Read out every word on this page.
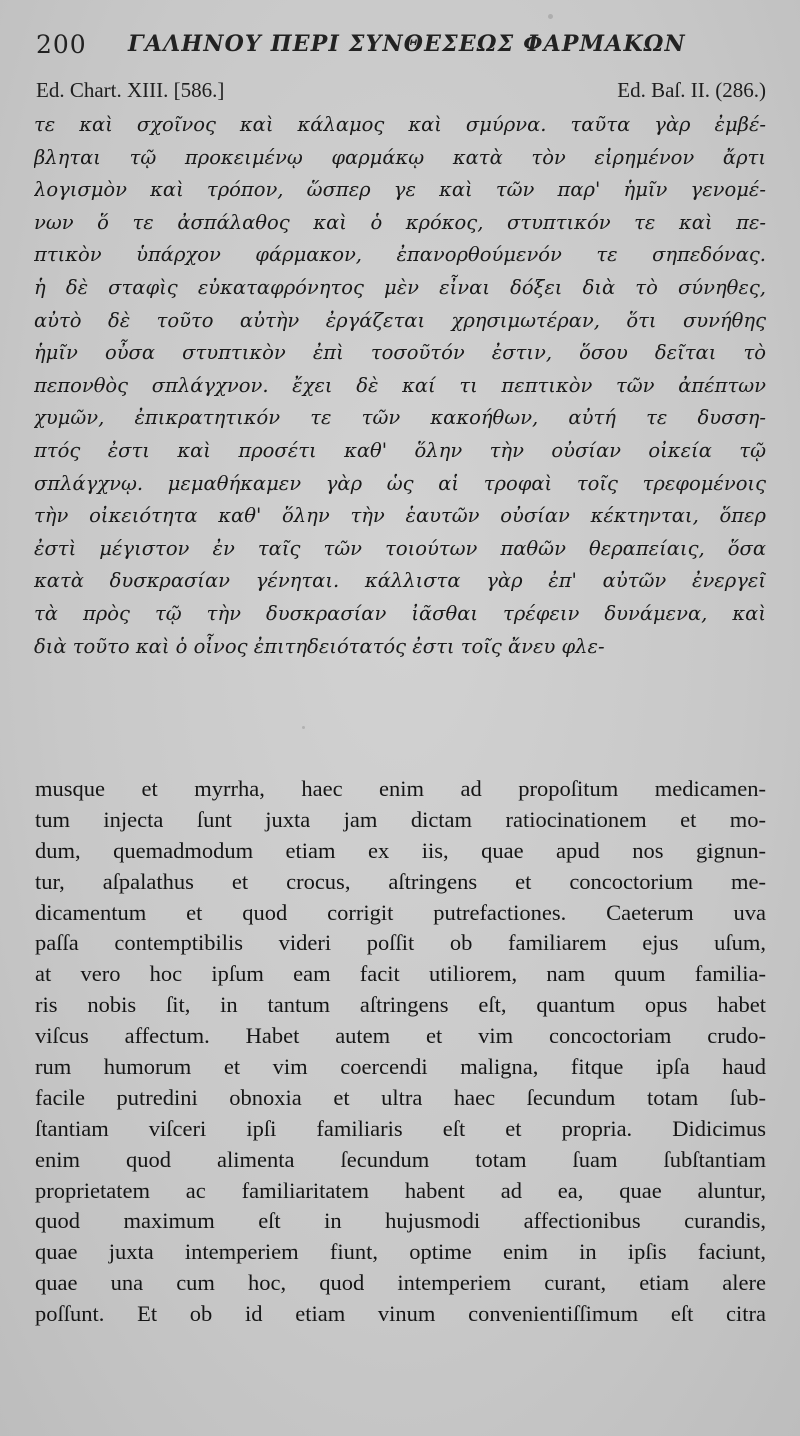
200 ΓΑΛΗΝΟΥ ΠΕΡΙ ΣΥΝΘΕΣΕΩΣ ΦΑΡΜΑΚΩΝ
Ed. Chart. XIII. [586.]	Ed. Baſ. II. (286.)
τε καὶ σχοῖνος καὶ κάλαμος καὶ σμύρνα. ταῦτα γὰρ ἐμβέ-
βληται τῷ προκειμένῳ φαρμάκῳ κατὰ τὸν εἰρημένον ἄρτι
λογισμὸν καὶ τρόπον, ὥσπερ γε καὶ τῶν παρ' ἡμῖν γενομέ-
νων ὅ τε ἀσπάλαθος καὶ ὁ κρόκος, στυπτικόν τε καὶ πε-
πτικὸν ὑπάρχον φάρμακον, ἐπανορθούμενόν τε σηπεδόνας.
ἡ δὲ σταφὶς εὐκαταφρόνητος μὲν εἶναι δόξει διὰ τὸ σύνηθες,
αὐτὸ δὲ τοῦτο αὐτὴν ἐργάζεται χρησιμωτέραν, ὅτι συνήθης
ἡμῖν οὖσα στυπτικὸν ἐπὶ τοσοῦτόν ἐστιν, ὅσου δεῖται τὸ
πεπονθὸς σπλάγχνον. ἔχει δὲ καί τι πεπτικὸν τῶν ἀπέπτων
χυμῶν, ἐπικρατητικόν τε τῶν κακοήθων, αὐτή τε δυσση-
πτός ἐστι καὶ προσέτι καθ' ὅλην τὴν οὐσίαν οἰκεία τῷ
σπλάγχνῳ. μεμαθήκαμεν γὰρ ὡς αἱ τροφαὶ τοῖς τρεφομένοις
τὴν οἰκειότητα καθ' ὅλην τὴν ἑαυτῶν οὐσίαν κέκτηνται, ὅπερ
ἐστὶ μέγιστον ἐν ταῖς τῶν τοιούτων παθῶν θεραπείαις, ὅσα
κατὰ δυσκρασίαν γένηται. κάλλιστα γὰρ ἐπ' αὐτῶν ἐνεργεῖ
τὰ πρὸς τῷ τὴν δυσκρασίαν ἰᾶσθαι τρέφειν δυνάμενα, καὶ
διὰ τοῦτο καὶ ὁ οἶνος ἐπιτηδειότατός ἐστι τοῖς ἄνευ φλε-
musque et myrrha, haec enim ad propoſitum medicamen-
tum injecta ſunt juxta jam dictam ratiocinationem et mo-
dum, quemadmodum etiam ex iis, quae apud nos gignun-
tur, aſpalathus et crocus, aſtringens et concoctorium me-
dicamentum et quod corrigit putrefactiones. Caeterum uva
paſſa contemptibilis videri poſſit ob familiarem ejus uſum,
at vero hoc ipſum eam facit utiliorem, nam quum familia-
ris nobis ſit, in tantum aſtringens eſt, quantum opus habet
viſcus affectum. Habet autem et vim concoctoriam crudo-
rum humorum et vim coercendi maligna, fitque ipſa haud
facile putredini obnoxia et ultra haec ſecundum totam ſub-
ſtantiam viſceri ipſi familiaris eſt et propria. Didicimus
enim quod alimenta ſecundum totam ſuam ſubſtantiam
proprietatem ac familiaritatem habent ad ea, quae aluntur,
quod maximum eſt in hujusmodi affectionibus curandis,
quae juxta intemperiem fiunt, optime enim in ipſis faciunt,
quae una cum hoc, quod intemperiem curant, etiam alere
poſſunt. Et ob id etiam vinum convenientiſſimum eſt citra
